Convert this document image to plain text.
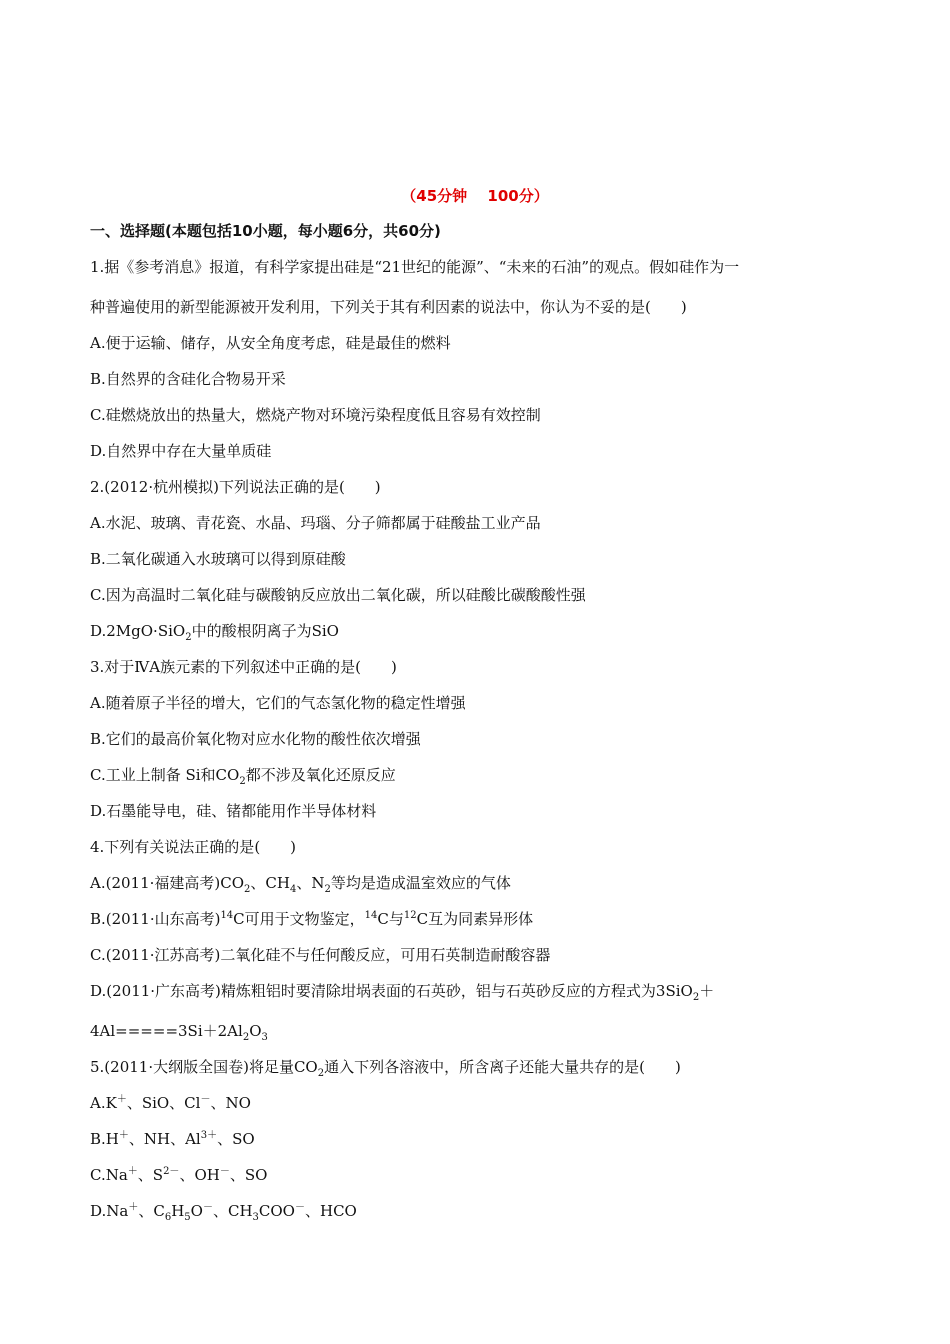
（45分钟　 100分）
一、选择题(本题包括10小题，每小题6分，共60分)
1.据《参考消息》报道，有科学家提出硅是“21世纪的能源”、“未来的石油”的观点。假如硅作为一
种普遍使用的新型能源被开发利用，下列关于其有利因素的说法中，你认为不妥的是(　　)
A.便于运输、储存，从安全角度考虑，硅是最佳的燃料
B.自然界的含硅化合物易开采
C.硅燃烧放出的热量大，燃烧产物对环境污染程度低且容易有效控制
D.自然界中存在大量单质硅
2.(2012·杭州模拟)下列说法正确的是(　　)
A.水泥、玻璃、青花瓷、水晶、玛瑙、分子筛都属于硅酸盐工业产品
B.二氧化碳通入水玻璃可以得到原硅酸
C.因为高温时二氧化硅与碳酸钠反应放出二氧化碳，所以硅酸比碳酸酸性强
D.2MgO·SiO$_2$中的酸根阴离子为SiO
3.对于ⅣA族元素的下列叙述中正确的是(　　)
A.随着原子半径的增大，它们的气态氢化物的稳定性增强
B.它们的最高价氧化物对应水化物的酸性依次增强
C.工业上制备 Si和$CO_2$都不涉及氧化还原反应
D.石墨能导电，硅、锗都能用作半导体材料
4.下列有关说法正确的是(　　)
A.(2011·福建高考)$CO_2$、$CH_4$、$N_2$等均是造成温室效应的气体
B.(2011·山东高考)$^{14}$C可用于文物鉴定，$^{14}$C与$^{12}$C互为同素异形体
C.(2011·江苏高考)二氧化硅不与任何酸反应，可用石英制造耐酸容器
D.(2011·广东高考)精炼粗铝时要清除坩埚表面的石英砂，铝与石英砂反应的方程式为3SiO$_2$＋
$4Al=====3Si+2Al_2O_3$
5.(2011·大纲版全国卷)将足量$CO_2$通入下列各溶液中，所含离子还能大量共存的是(　　)
A.K＋、SiO、Cl－、NO
B.H＋、NH、$Al^{3+}$、SO
C.Na＋、$S^{2-}$、OH－、SO
D.Na＋、$C_6H_5O^-$、$CH_3COO^-$、HCO
